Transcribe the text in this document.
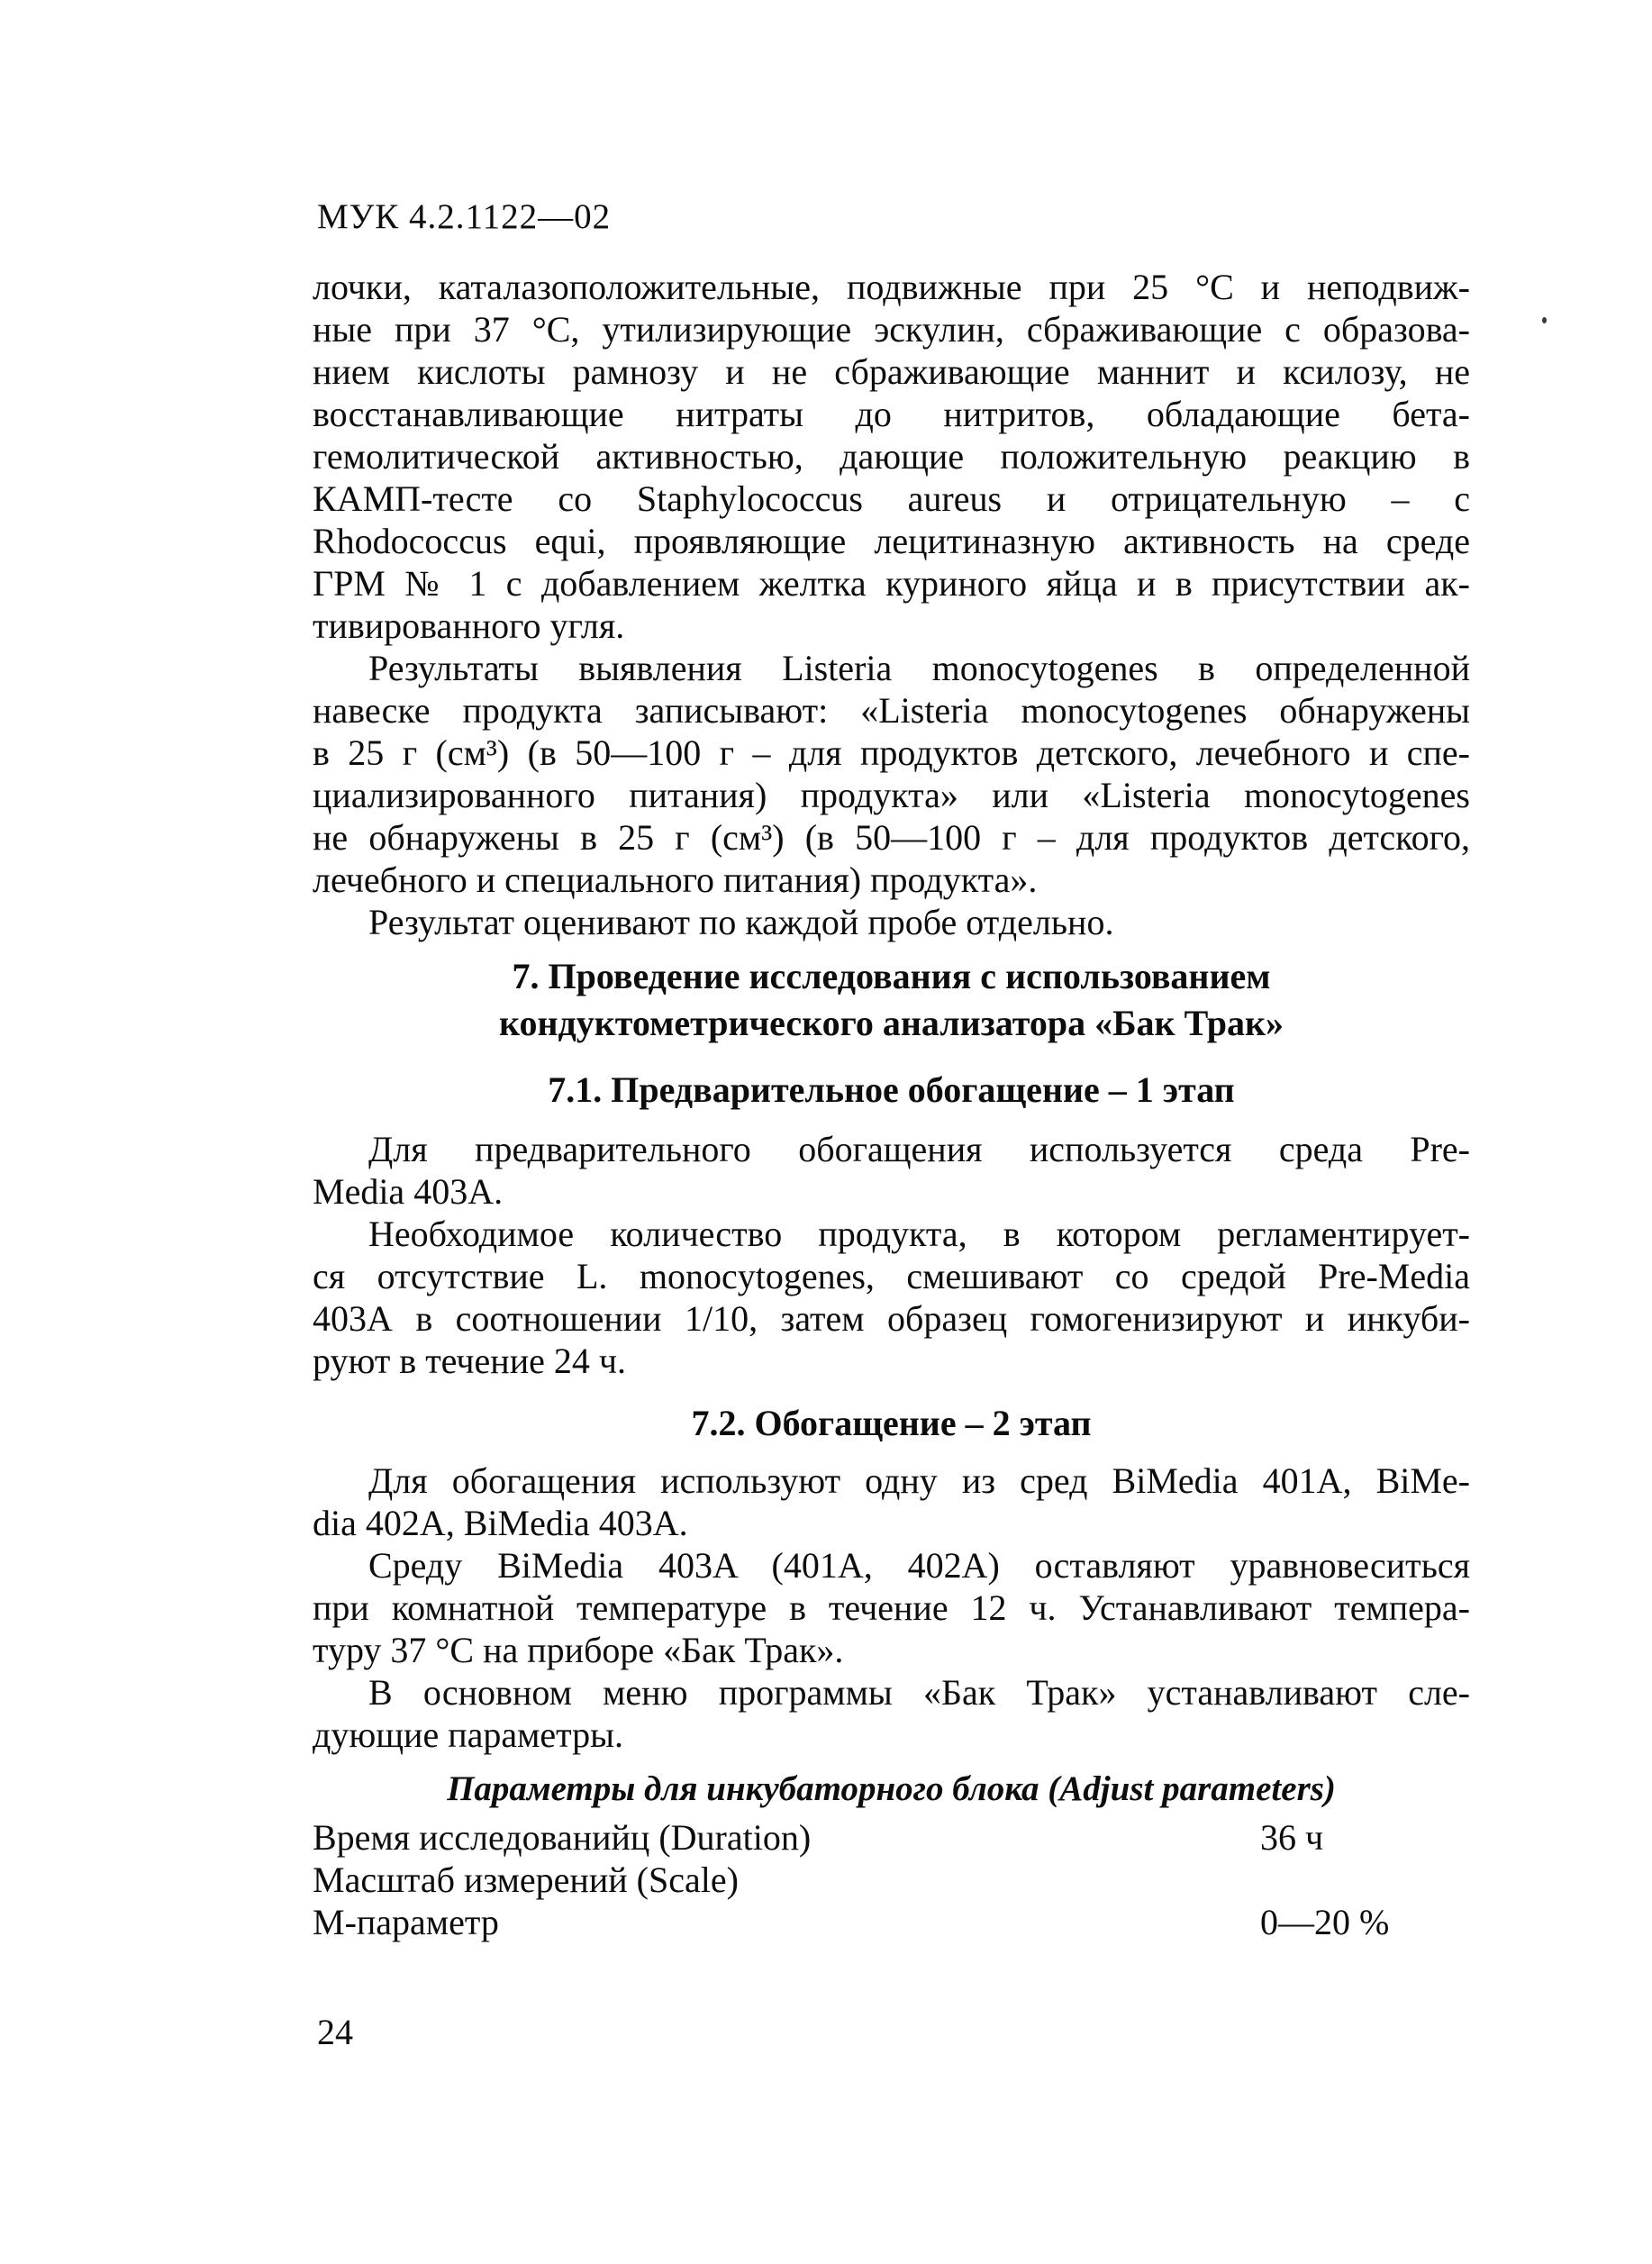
МУК 4.2.1122—02
лочки, каталазоположительные, подвижные при 25 °С и неподвиж-
ные при 37 °С, утилизирующие эскулин, сбраживающие с образова-
нием кислоты рамнозу и не сбраживающие маннит и ксилозу, не
восстанавливающие нитраты до нитритов, обладающие бета-
гемолитической активностью, дающие положительную реакцию в
КАМП-тесте со Staphylococcus aureus и отрицательную – с
Rhodococcus equi, проявляющие лецитиназную активность на среде
ГРМ № 1 с добавлением желтка куриного яйца и в присутствии ак-
тивированного угля.
Результаты выявления Listeria monocytogenes в определенной
навеске продукта записывают: «Listeria monocytogenes обнаружены
в 25 г (см³) (в 50—100 г – для продуктов детского, лечебного и спе-
циализированного питания) продукта» или «Listeria monocytogenes
не обнаружены в 25 г (см³) (в 50—100 г – для продуктов детского,
лечебного и специального питания) продукта».
Результат оценивают по каждой пробе отдельно.
7. Проведение исследования с использованием
кондуктометрического анализатора «Бак Трак»
7.1. Предварительное обогащение – 1 этап
Для предварительного обогащения используется среда Pre-
Media 403A.
Необходимое количество продукта, в котором регламентирует-
ся отсутствие L. monocytogenes, смешивают со средой Pre-Media
403А в соотношении 1/10, затем образец гомогенизируют и инкуби-
руют в течение 24 ч.
7.2. Обогащение – 2 этап
Для обогащения используют одну из сред BiMedia 401A, BiMe-
dia 402A, BiMedia 403A.
Среду BiMedia 403A (401A, 402A) оставляют уравновеситься
при комнатной температуре в течение 12 ч. Устанавливают темпера-
туру 37 °С на приборе «Бак Трак».
В основном меню программы «Бак Трак» устанавливают сле-
дующие параметры.
Параметры для инкубаторного блока (Adjust parameters)
Время исследованийц (Duration)	36 ч
Масштаб измерений (Scale)
М-параметр	0—20 %
24
